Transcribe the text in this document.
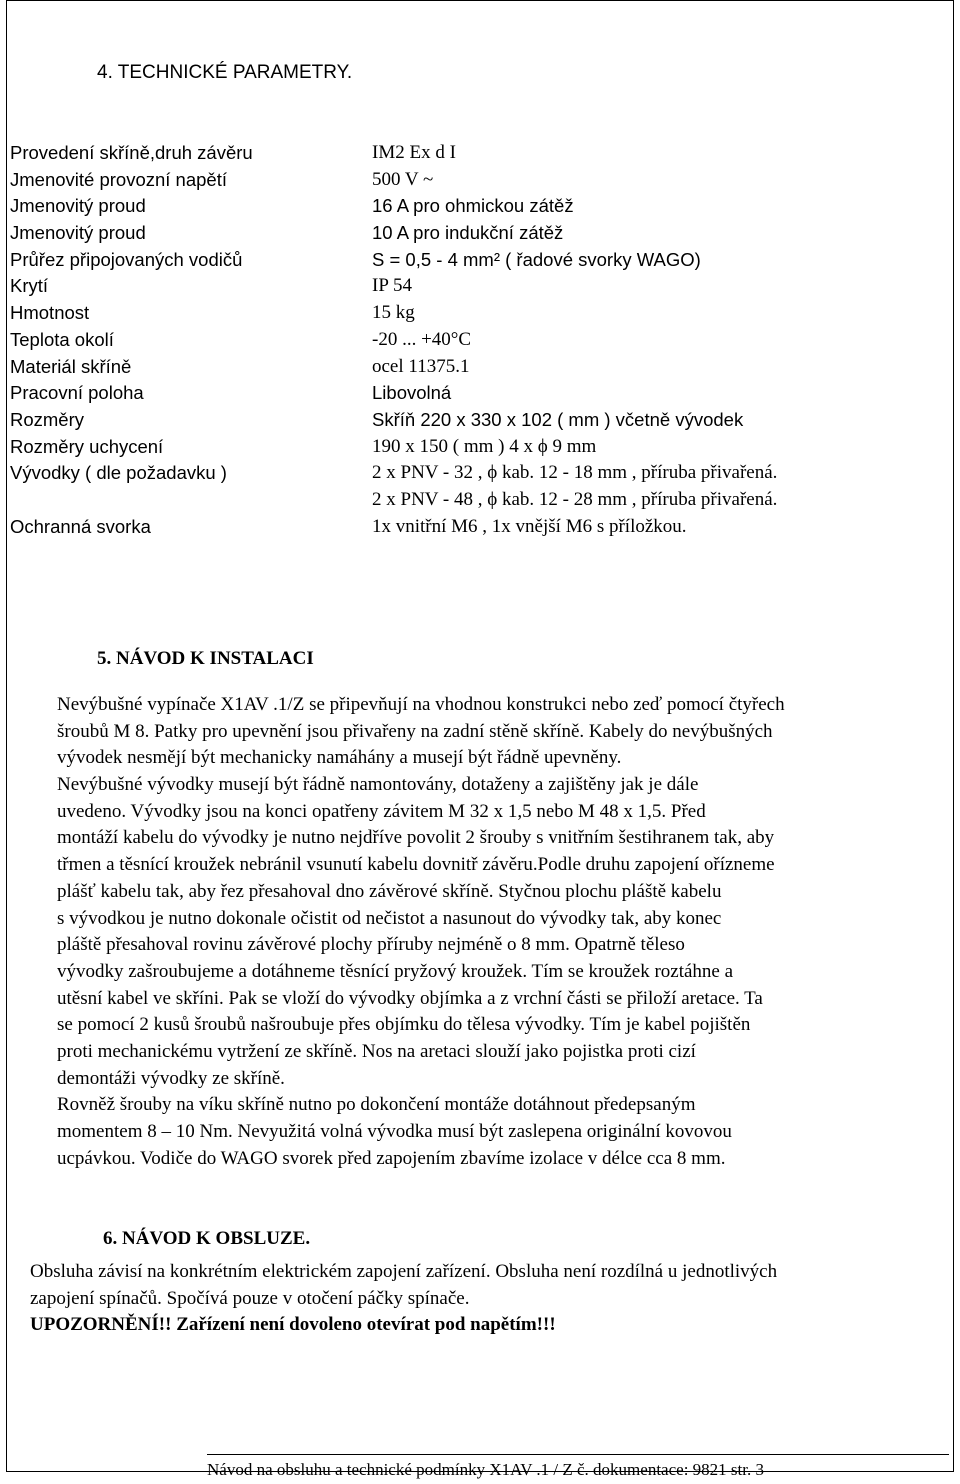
4. TECHNICKÉ PARAMETRY.
Provedení skříně,druh závěru	IM2 Ex d I
Jmenovité provozní napětí	500 V ~
Jmenovitý proud	16 A pro ohmickou zátěž
Jmenovitý proud	10 A pro indukční zátěž
Průřez připojovaných vodičů	S = 0,5 - 4 mm² ( řadové svorky WAGO)
Krytí	IP 54
Hmotnost	15 kg
Teplota okolí	-20 ... +40°C
Materiál skříně	ocel 11375.1
Pracovní poloha	Libovolná
Rozměry	Skříň 220 x 330 x 102 ( mm ) včetně vývodek
Rozměry uchycení	190 x 150 ( mm ) 4 x ϕ 9 mm
Vývodky ( dle požadavku )	2 x PNV - 32 , ϕ kab. 12 - 18 mm , příruba přivařená.
2 x PNV - 48 , ϕ kab. 12 - 28 mm , příruba přivařená.
Ochranná svorka	1x vnitřní M6 , 1x vnější M6 s příložkou.
5. NÁVOD K INSTALACI
Nevýbušné vypínače X1AV .1/Z se připevňují na vhodnou konstrukci nebo zeď pomocí čtyřech
šroubů M 8. Patky pro upevnění jsou přivařeny na zadní stěně skříně. Kabely do nevýbušných
vývodek nesmějí být mechanicky namáhány a musejí být řádně upevněny.
Nevýbušné vývodky musejí být řádně namontovány, dotaženy a zajištěny jak je dále
uvedeno. Vývodky jsou na konci opatřeny závitem M 32 x 1,5 nebo M 48 x 1,5. Před
montáží kabelu do vývodky je nutno nejdříve povolit 2 šrouby s vnitřním šestihranem tak, aby
třmen a těsnící kroužek nebránil vsunutí kabelu dovnitř závěru.Podle druhu zapojení ořízneme
plášť kabelu tak, aby řez přesahoval dno závěrové skříně. Styčnou plochu pláště kabelu
s vývodkou je nutno dokonale očistit od nečistot a nasunout do vývodky tak, aby konec
pláště přesahoval rovinu závěrové plochy příruby nejméně o 8 mm. Opatrně těleso
vývodky zašroubujeme a dotáhneme těsnící pryžový kroužek. Tím se kroužek roztáhne a
utěsní kabel ve skříni. Pak se vloží do vývodky objímka a z vrchní části se přiloží aretace. Ta
se pomocí 2 kusů šroubů našroubuje přes objímku do tělesa vývodky. Tím je kabel pojištěn
proti mechanickému vytržení ze skříně. Nos na aretaci slouží jako pojistka proti cizí
demontáži vývodky ze skříně.
Rovněž šrouby na víku skříně nutno po dokončení montáže dotáhnout předepsaným
momentem 8 – 10 Nm. Nevyužitá volná vývodka musí být zaslepena originální kovovou
ucpávkou. Vodiče do WAGO svorek před zapojením zbavíme izolace v délce cca 8 mm.
6. NÁVOD K OBSLUZE.
Obsluha závisí na konkrétním elektrickém zapojení zařízení. Obsluha není rozdílná u jednotlivých
zapojení spínačů. Spočívá pouze v otočení páčky spínače.
UPOZORNĚNÍ!! Zařízení není dovoleno otevírat pod napětím!!!
Návod na obsluhu a technické podmínky X1AV .1 / Z č. dokumentace: 9821 str. 3
